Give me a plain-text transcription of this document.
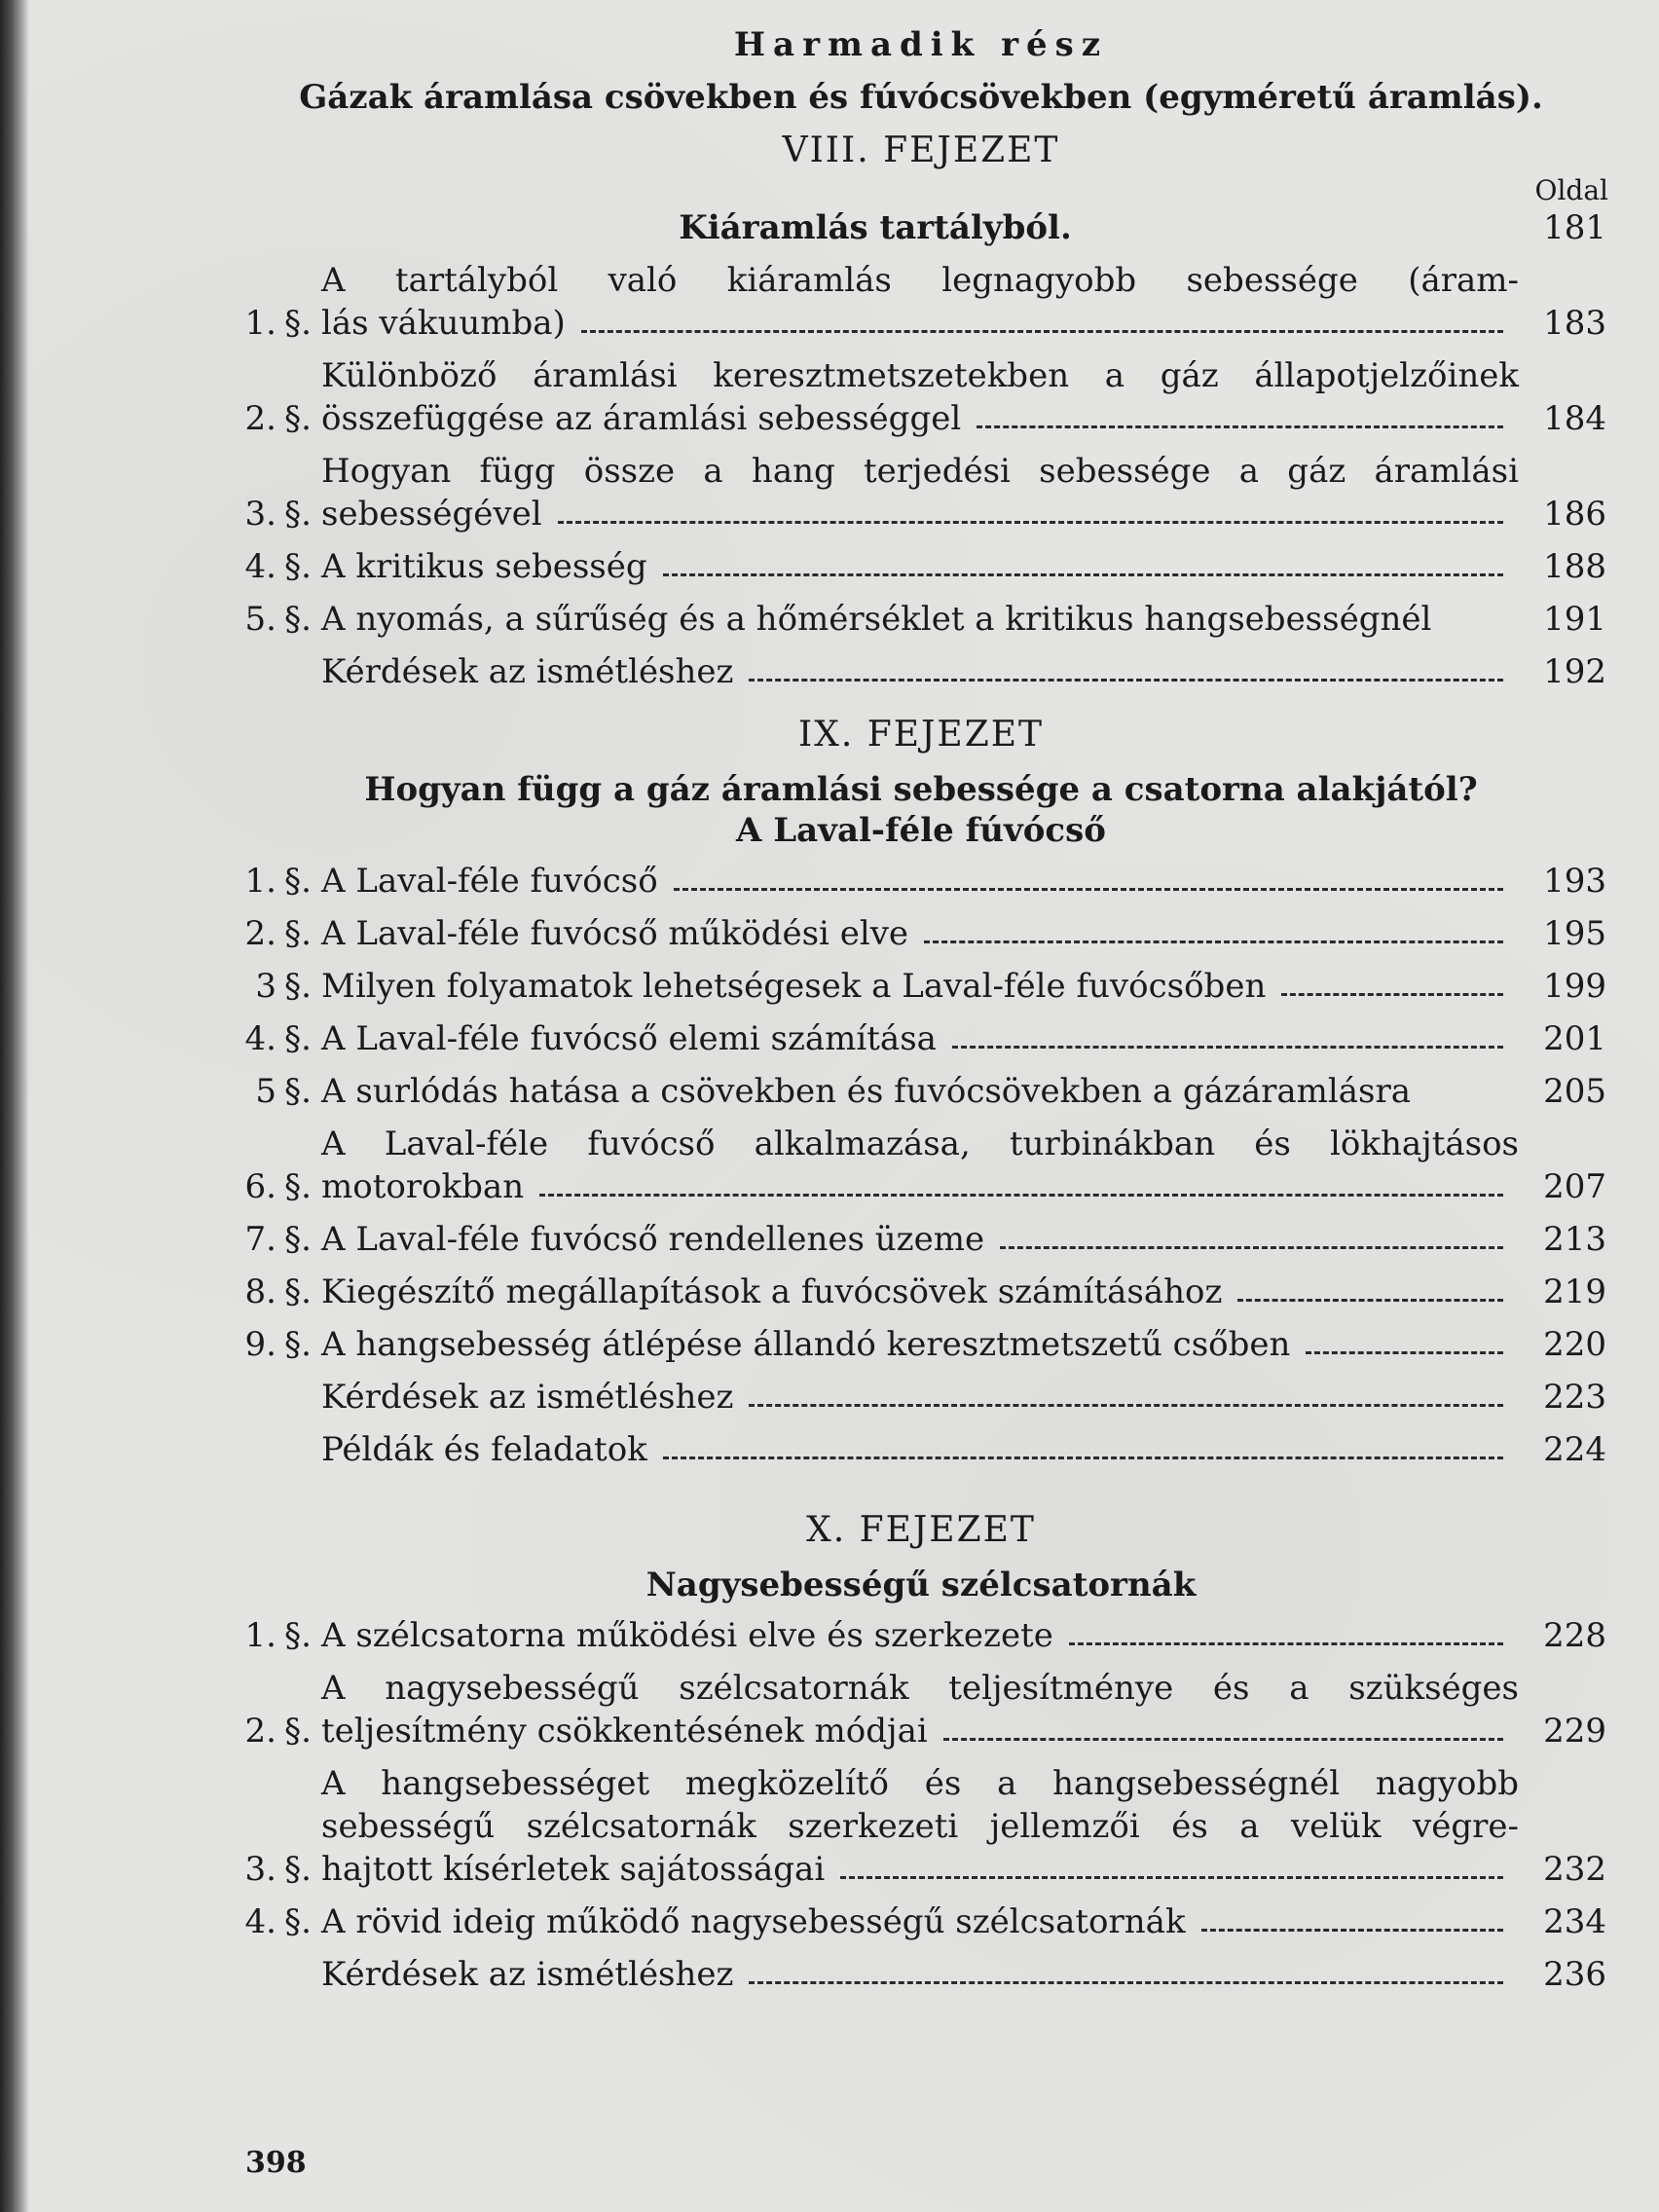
Harmadik rész
Gázak áramlása csövekben és fúvócsövekben (egyméretű áramlás).
VIII. FEJEZET
Oldal
Kiáramlás tartályból.	181
1. §.
A tartályból való kiáramlás legnagyobb sebessége (áram-
lás vákuumba)	183
2. §.
Különböző áramlási keresztmetszetekben a gáz állapotjelzőinek
összefüggése az áramlási sebességgel	184
3. §.
Hogyan függ össze a hang terjedési sebessége a gáz áramlási
sebességével	186
4. §. A kritikus sebesség	188
5. §. A nyomás, a sűrűség és a hőmérséklet a kritikus hangsebességnél	191
Kérdések az ismétléshez	192
IX. FEJEZET
Hogyan függ a gáz áramlási sebessége a csatorna alakjától?
A Laval-féle fúvócső
1. §. A Laval-féle fuvócső	193
2. §. A Laval-féle fuvócső működési elve	195
3 §. Milyen folyamatok lehetségesek a Laval-féle fuvócsőben	199
4. §. A Laval-féle fuvócső elemi számítása	201
5 §. A surlódás hatása a csövekben és fuvócsövekben a gázáramlásra	205
6. §.
A Laval-féle fuvócső alkalmazása, turbinákban és lökhajtásos
motorokban	207
7. §. A Laval-féle fuvócső rendellenes üzeme	213
8. §. Kiegészítő megállapítások a fuvócsövek számításához	219
9. §. A hangsebesség átlépése állandó keresztmetszetű csőben	220
Kérdések az ismétléshez	223
Példák és feladatok	224
X. FEJEZET
Nagysebességű szélcsatornák
1. §. A szélcsatorna működési elve és szerkezete	228
2. §.
A nagysebességű szélcsatornák teljesítménye és a szükséges
teljesítmény csökkentésének módjai	229
3. §.
A hangsebességet megközelítő és a hangsebességnél nagyobb
sebességű szélcsatornák szerkezeti jellemzői és a velük végre-
hajtott kísérletek sajátosságai	232
4. §. A rövid ideig működő nagysebességű szélcsatornák	234
Kérdések az ismétléshez	236
398
